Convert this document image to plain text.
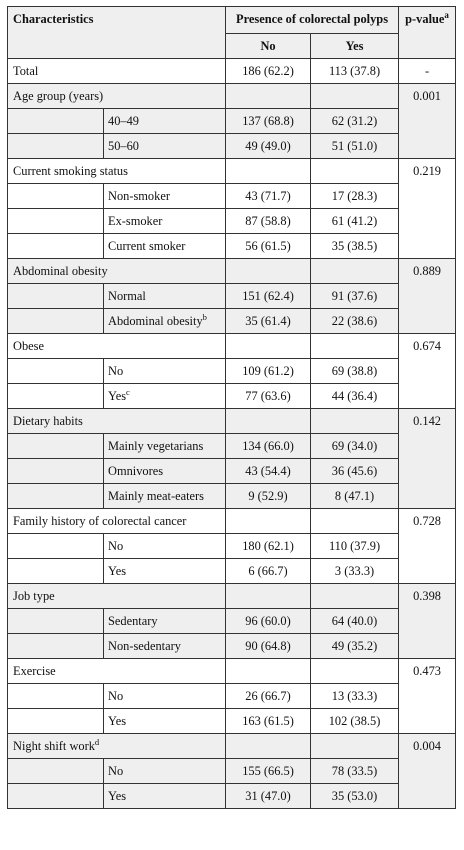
Characteristics		Presence of colorectal polyps		p-value$^a$
		No	Yes	
Total		186 (62.2)	113 (37.8)	-
Age group (years)				0.001
	40–49	137 (68.8)	62 (31.2)	
	50–60	49 (49.0)	51 (51.0)	
Current smoking status				0.219
	Non-smoker	43 (71.7)	17 (28.3)	
	Ex-smoker	87 (58.8)	61 (41.2)	
	Current smoker	56 (61.5)	35 (38.5)	
Abdominal obesity				0.889
	Normal	151 (62.4)	91 (37.6)	
	Abdominal obesity$^b$	35 (61.4)	22 (38.6)	
Obese				0.674
	No	109 (61.2)	69 (38.8)	
	Yes$^c$	77 (63.6)	44 (36.4)	
Dietary habits				0.142
	Mainly vegetarians	134 (66.0)	69 (34.0)	
	Omnivores	43 (54.4)	36 (45.6)	
	Mainly meat-eaters	9 (52.9)	8 (47.1)	
Family history of colorectal cancer				0.728
	No	180 (62.1)	110 (37.9)	
	Yes	6 (66.7)	3 (33.3)	
Job type				0.398
	Sedentary	96 (60.0)	64 (40.0)	
	Non-sedentary	90 (64.8)	49 (35.2)	
Exercise				0.473
	No	26 (66.7)	13 (33.3)	
	Yes	163 (61.5)	102 (38.5)	
Night shift work$^d$				0.004
	No	155 (66.5)	78 (33.5)	
	Yes	31 (47.0)	35 (53.0)	
